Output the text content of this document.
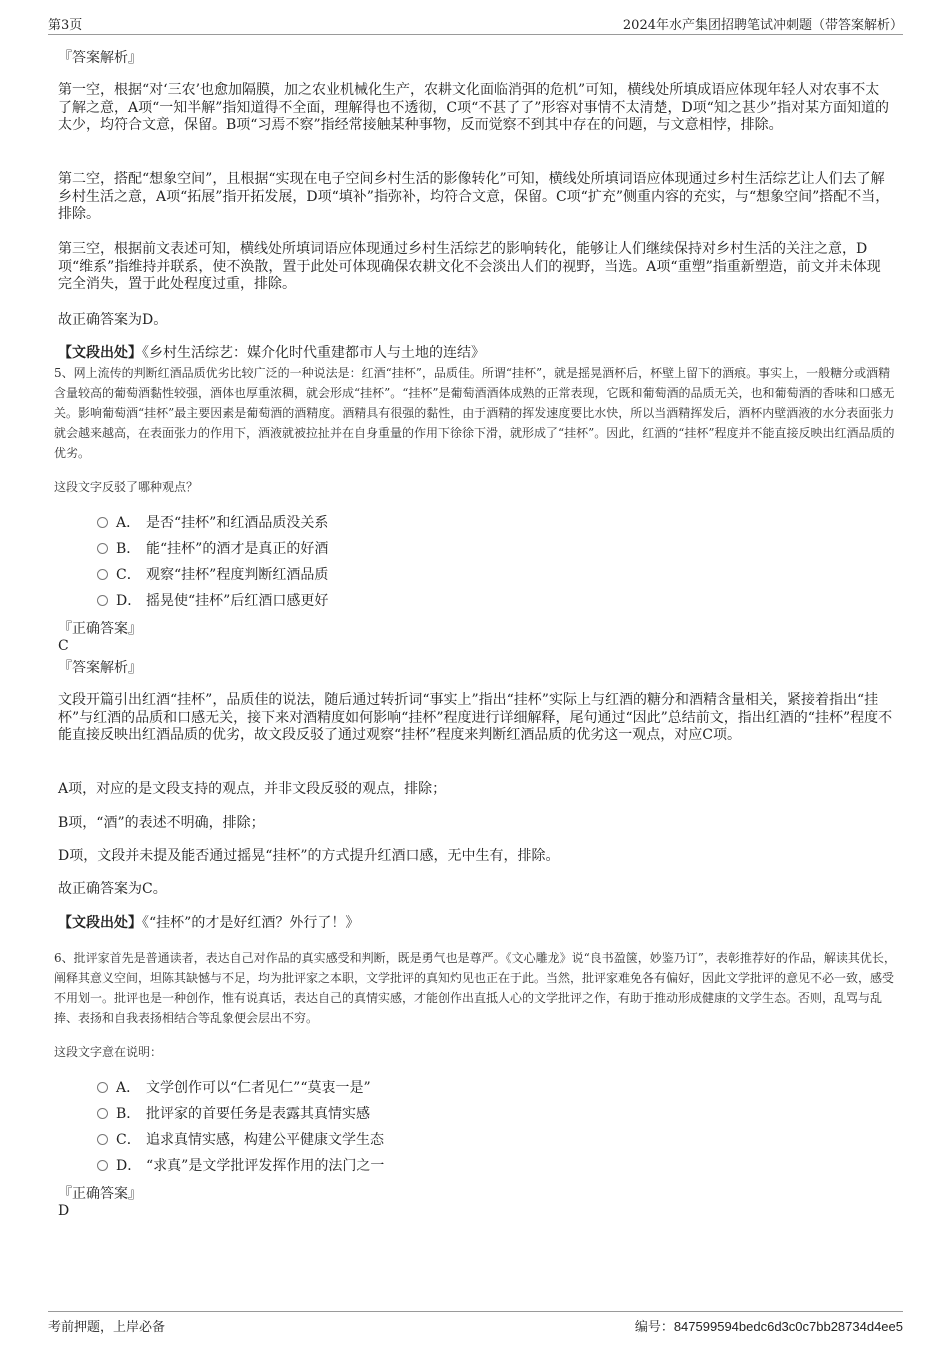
第3页	2024年水产集团招聘笔试冲刺题（带答案解析）
『答案解析』

第一空，根据“对‘三农’也愈加隔膜，加之农业机械化生产，农耕文化面临消弭的危机”可知，横线处所填成语应体现年轻人对农事不太了解之意，A项“一知半解”指知道得不全面，理解得也不透彻，C项“不甚了了”形容对事情不太清楚，D项“知之甚少”指对某方面知道的太少，均符合文意，保留。B项“习焉不察”指经常接触某种事物，反而觉察不到其中存在的问题，与文意相悖，排除。

第二空，搭配“想象空间”，且根据“实现在电子空间乡村生活的影像转化”可知，横线处所填词语应体现通过乡村生活综艺让人们去了解乡村生活之意，A项“拓展”指开拓发展，D项“填补”指弥补，均符合文意，保留。C项“扩充”侧重内容的充实，与“想象空间”搭配不当，排除。

第三空，根据前文表述可知，横线处所填词语应体现通过乡村生活综艺的影响转化，能够让人们继续保持对乡村生活的关注之意，D项“维系”指维持并联系，使不涣散，置于此处可体现确保农耕文化不会淡出人们的视野，当选。A项“重塑”指重新塑造，前文并未体现完全消失，置于此处程度过重，排除。

故正确答案为D。
【文段出处】《乡村生活综艺：媒介化时代重建都市人与土地的连结》

5、网上流传的判断红酒品质优劣比较广泛的一种说法是：红酒“挂杯”，品质佳。所谓“挂杯”，就是摇晃酒杯后，杯壁上留下的酒痕。事实上，一般糖分或酒精含量较高的葡萄酒黏性较强，酒体也厚重浓稠，就会形成“挂杯”。“挂杯”是葡萄酒酒体成熟的正常表现，它既和葡萄酒的品质无关，也和葡萄酒的香味和口感无关。影响葡萄酒“挂杯”最主要因素是葡萄酒的酒精度。酒精具有很强的黏性，由于酒精的挥发速度要比水快，所以当酒精挥发后，酒杯内壁酒液的水分表面张力就会越来越高，在表面张力的作用下，酒液就被拉扯并在自身重量的作用下徐徐下滑，就形成了“挂杯”。因此，红酒的“挂杯”程度并不能直接反映出红酒品质的优劣。

这段文字反驳了哪种观点？
A． 是否“挂杯”和红酒品质没关系
B． 能“挂杯”的酒才是真正的好酒
C． 观察“挂杯”程度判断红酒品质
D． 摇晃使“挂杯”后红酒口感更好
『正确答案』
C
『答案解析』

文段开篇引出红酒“挂杯”，品质佳的说法，随后通过转折词“事实上”指出“挂杯”实际上与红酒的糖分和酒精含量相关，紧接着指出“挂杯”与红酒的品质和口感无关，接下来对酒精度如何影响“挂杯”程度进行详细解释，尾句通过“因此”总结前文，指出红酒的“挂杯”程度不能直接反映出红酒品质的优劣，故文段反驳了通过观察“挂杯”程度来判断红酒品质的优劣这一观点，对应C项。

A项，对应的是文段支持的观点，并非文段反驳的观点，排除；
B项，“酒”的表述不明确，排除；
D项，文段并未提及能否通过摇晃“挂杯”的方式提升红酒口感，无中生有，排除。
故正确答案为C。
【文段出处】《“挂杯”的才是好红酒？外行了！》

6、批评家首先是普通读者，表达自己对作品的真实感受和判断，既是勇气也是尊严。《文心雕龙》说“良书盈箧，妙鉴乃订”，表彰推荐好的作品，解读其优长，阐释其意义空间，坦陈其缺憾与不足，均为批评家之本职，文学批评的真知灼见也正在于此。当然，批评家难免各有偏好，因此文学批评的意见不必一致，感受不用划一。批评也是一种创作，惟有说真话，表达自己的真情实感，才能创作出直抵人心的文学批评之作，有助于推动形成健康的文学生态。否则，乱骂与乱捧、表扬和自我表扬相结合等乱象便会层出不穷。

这段文字意在说明：
A． 文学创作可以“仁者见仁”“莫衷一是”
B． 批评家的首要任务是表露其真情实感
C． 追求真情实感，构建公平健康文学生态
D． “求真”是文学批评发挥作用的法门之一
『正确答案』
D
考前押题，上岸必备	编号：847599594bedc6d3c0c7bb28734d4ee5
